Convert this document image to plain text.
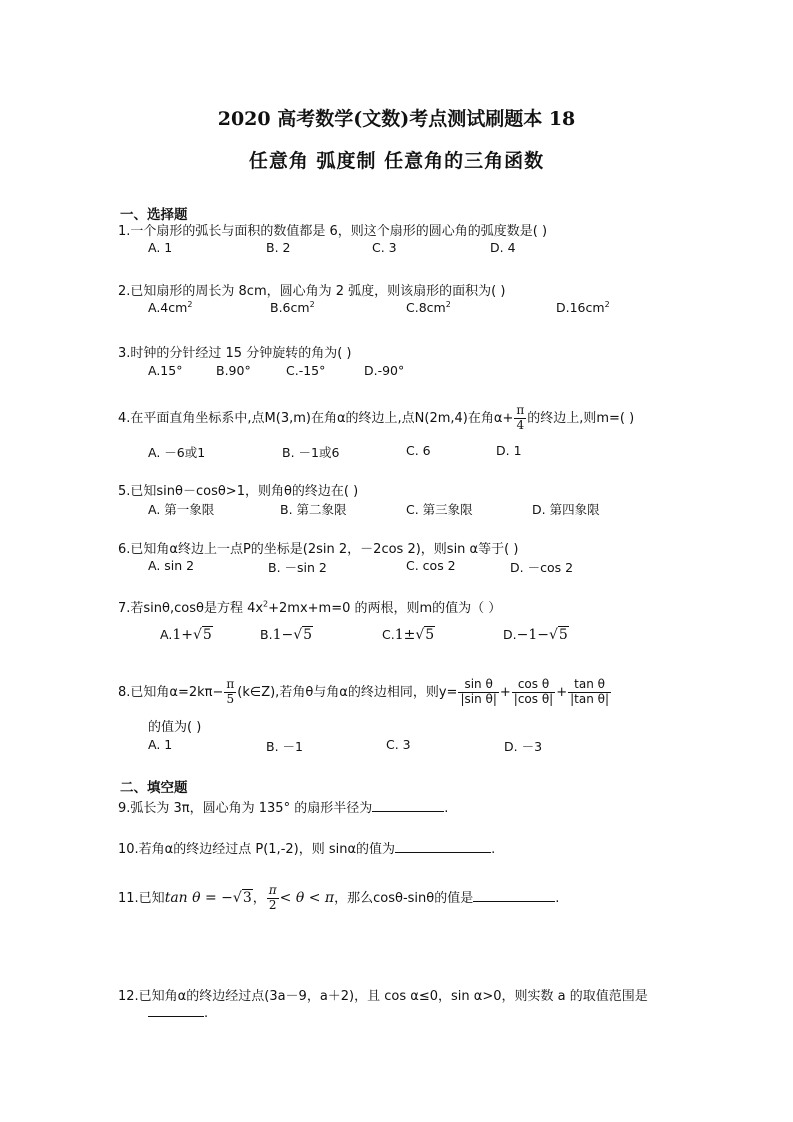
2020 高考数学(文数)考点测试刷题本 18
任意角 弧度制 任意角的三角函数
一、选择题
1.一个扇形的弧长与面积的数值都是 6，则这个扇形的圆心角的弧度数是( )
A. 1	B. 2	C. 3	D. 4
2.已知扇形的周长为 8cm，圆心角为 2 弧度，则该扇形的面积为( )
$A.4cm^2$	$B.6cm^2$	$C.8cm^2$	$D.16cm^2$
3.时钟的分针经过 15 分钟旋转的角为( )
A.15°	B.90°	C.-15°	D.-90°
4.在平面直角坐标系中,点M(3,m)在角α的终边上,点N(2m,4)在角$\alpha+ \frac{\pi}{4}$ 的终边上,则m=( )
A. －6或1	B. －1或6	C. 6	D. 1
5.已知sinθ－cosθ>1，则角θ的终边在( )
A. 第一象限	B. 第二象限	C. 第三象限	D. 第四象限
6.已知角α终边上一点P的坐标是(2sin 2，－2cos 2)，则sin α等于( )
A. sin 2	B. －sin 2	C. cos 2	D. －cos 2
7.若sinθ,cosθ是方程 $4x^2+2mx+m=0$ 的两根，则m的值为（ ）
A.1+√5	B.1−√5	C.1±√5	D.−1−√5
8.已知角$\alpha=2k\pi- \frac{\pi}{5}$ (k∈Z),若角θ与角α的终边相同，则$y= \frac{\text{sin θ}}{\text{|sin θ|}} + \frac{\text{cos θ}}{\text{|cos θ|}} + \frac{\text{tan θ}}{\text{|tan θ|}}$
的值为( )
A. 1	B. －1	C. 3	D. －3
二、填空题
9.弧长为 3π，圆心角为 135° 的扇形半径为	.
10.若角α的终边经过点 P(1,-2)，则 sinα的值为	.
11.已知tan θ = −√3， $\frac{\pi}{2} < \theta < \pi$，那么cosθ-sinθ的值是	.
12.已知角α的终边经过点(3a－9，a＋2)，且 cos α≤0，sin α>0，则实数 a 的取值范围是
.
